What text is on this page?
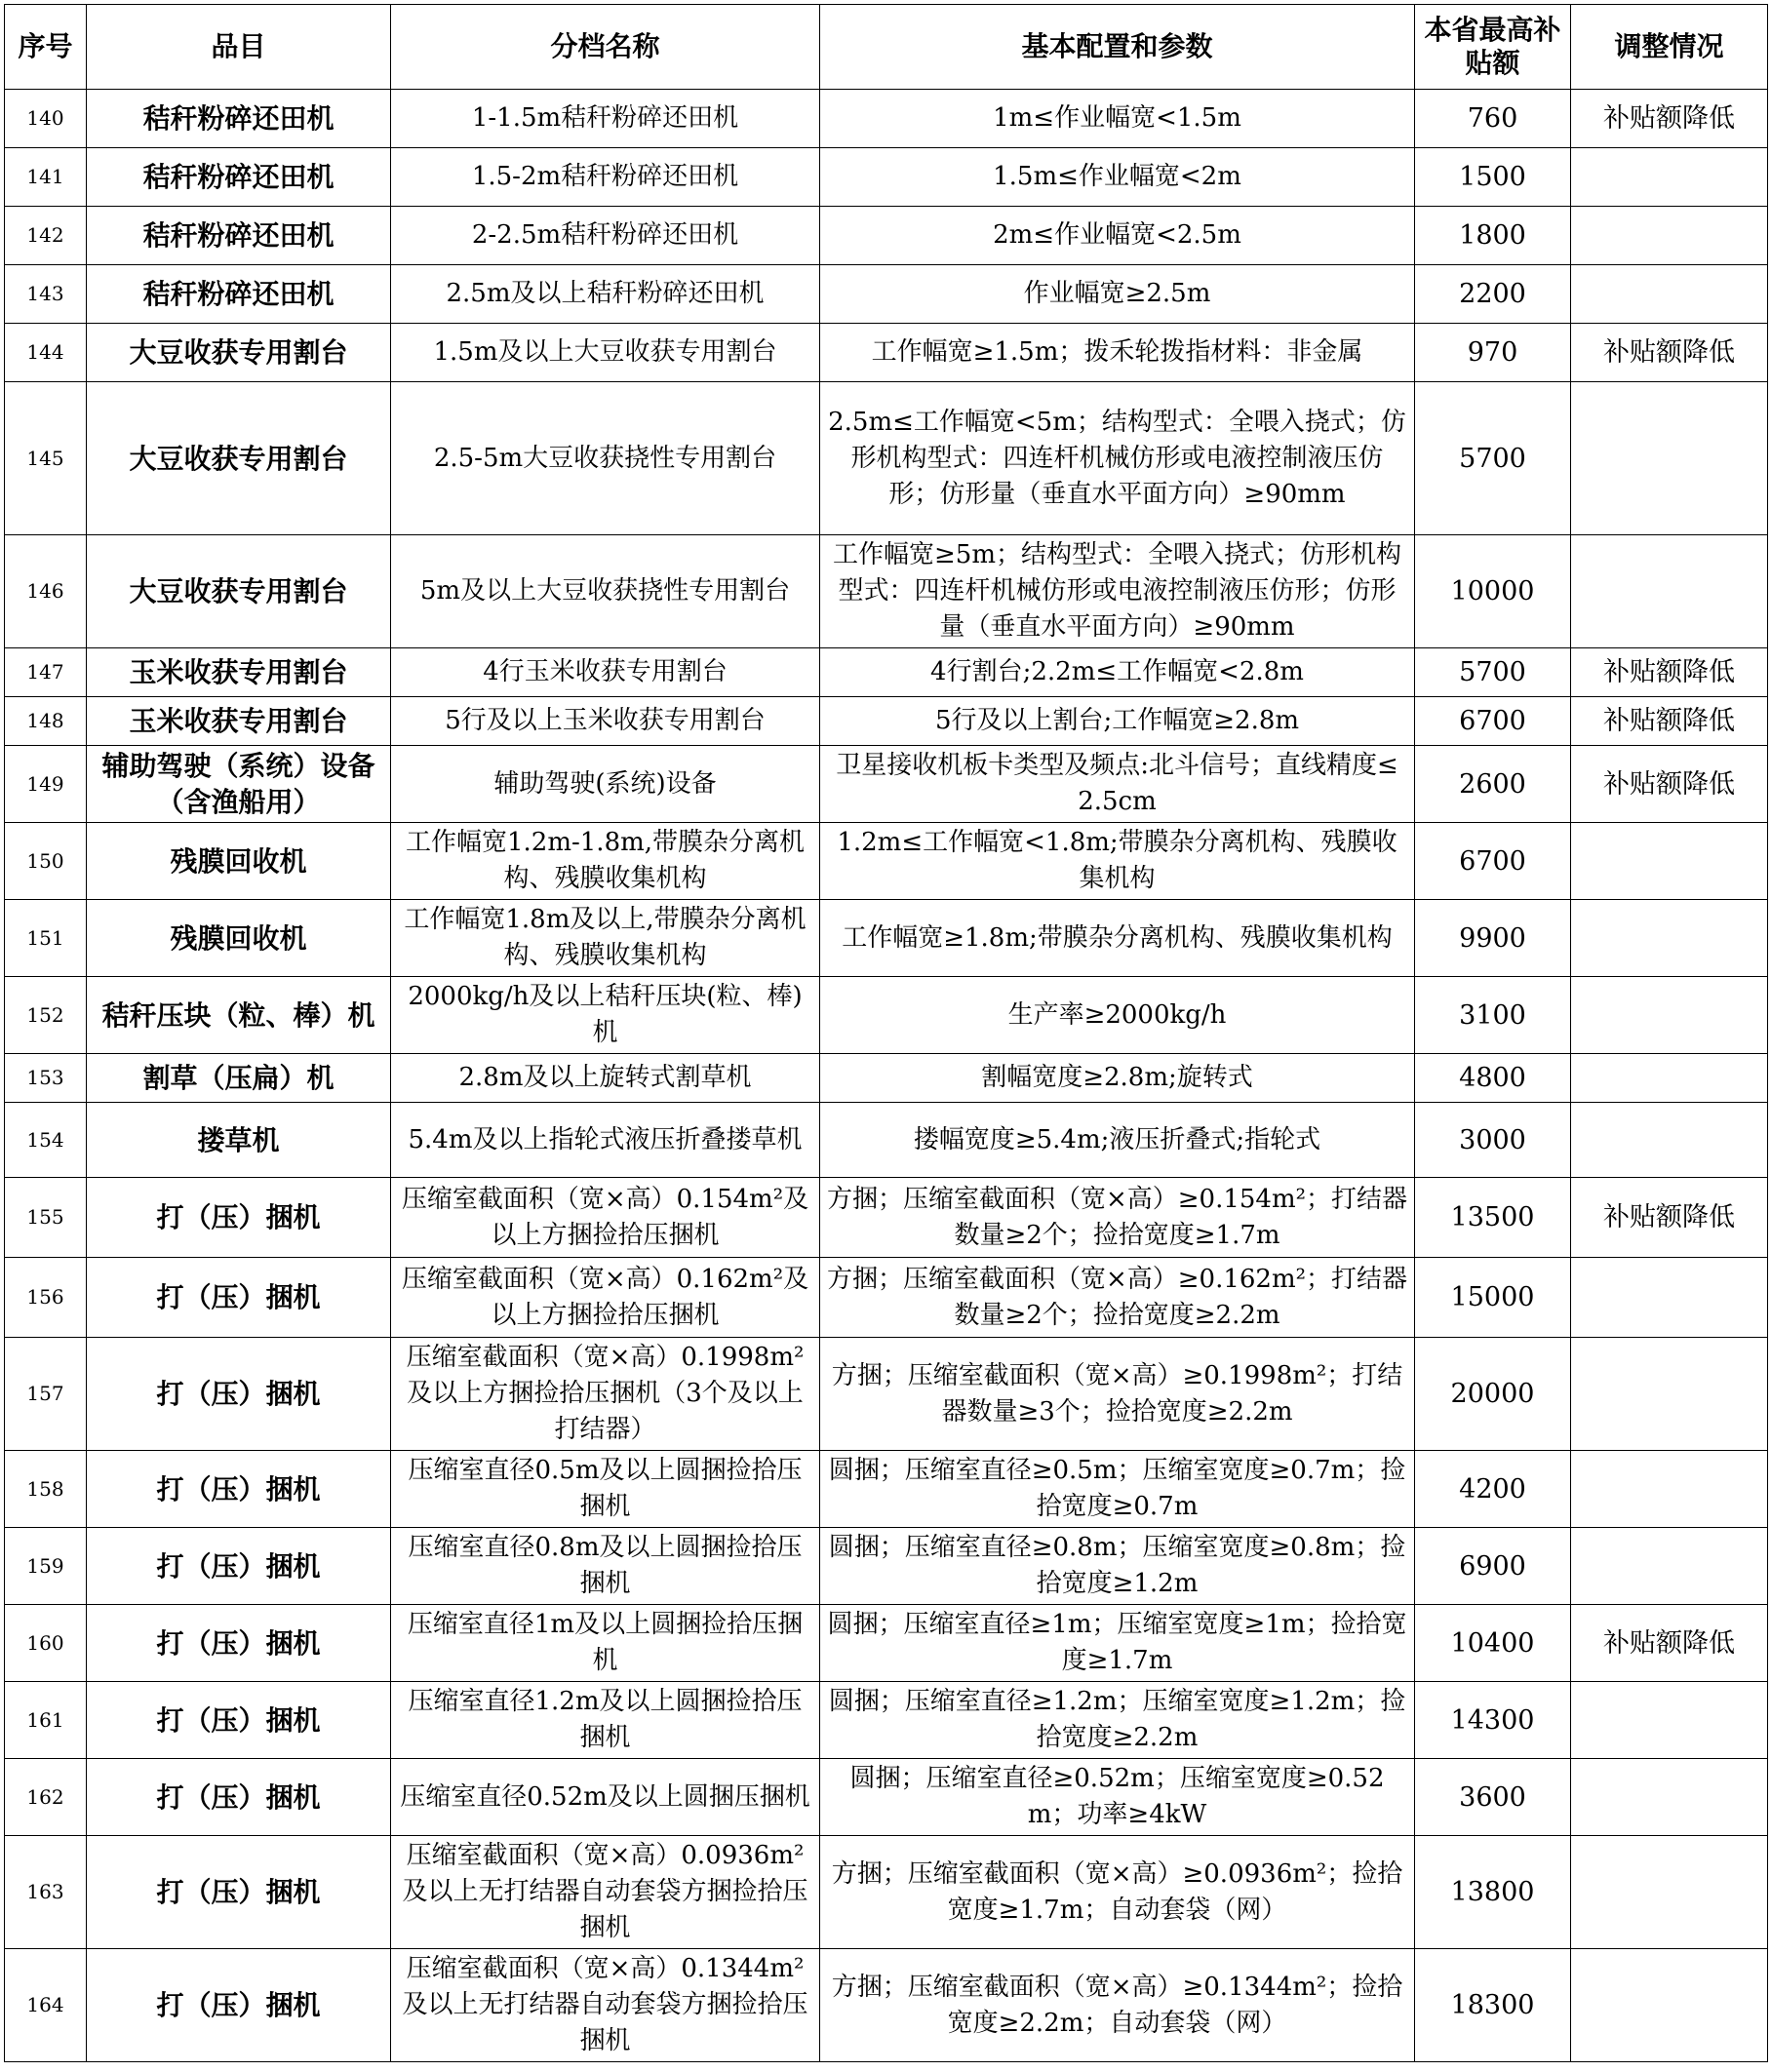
序号	品目	分档名称	基本配置和参数	本省最高补贴额	调整情况
140	秸秆粉碎还田机	1-1.5m秸秆粉碎还田机	1m≤作业幅宽<1.5m	760	补贴额降低
141	秸秆粉碎还田机	1.5-2m秸秆粉碎还田机	1.5m≤作业幅宽<2m	1500	
142	秸秆粉碎还田机	2-2.5m秸秆粉碎还田机	2m≤作业幅宽<2.5m	1800	
143	秸秆粉碎还田机	2.5m及以上秸秆粉碎还田机	作业幅宽≥2.5m	2200	
144	大豆收获专用割台	1.5m及以上大豆收获专用割台	工作幅宽≥1.5m；拨禾轮拨指材料：非金属	970	补贴额降低
145	大豆收获专用割台	2.5-5m大豆收获挠性专用割台	2.5m≤工作幅宽<5m；结构型式：全喂入挠式；仿形机构型式：四连杆机械仿形或电液控制液压仿形；仿形量（垂直水平面方向）≥90mm	5700	
146	大豆收获专用割台	5m及以上大豆收获挠性专用割台	工作幅宽≥5m；结构型式：全喂入挠式；仿形机构型式：四连杆机械仿形或电液控制液压仿形；仿形量（垂直水平面方向）≥90mm	10000	
147	玉米收获专用割台	4行玉米收获专用割台	4行割台;2.2m≤工作幅宽<2.8m	5700	补贴额降低
148	玉米收获专用割台	5行及以上玉米收获专用割台	5行及以上割台;工作幅宽≥2.8m	6700	补贴额降低
149	辅助驾驶（系统）设备（含渔船用）	辅助驾驶(系统)设备	卫星接收机板卡类型及频点:北斗信号；直线精度≤2.5cm	2600	补贴额降低
150	残膜回收机	工作幅宽1.2m-1.8m,带膜杂分离机构、残膜收集机构	1.2m≤工作幅宽<1.8m;带膜杂分离机构、残膜收集机构	6700	
151	残膜回收机	工作幅宽1.8m及以上,带膜杂分离机构、残膜收集机构	工作幅宽≥1.8m;带膜杂分离机构、残膜收集机构	9900	
152	秸秆压块（粒、棒）机	2000kg/h及以上秸秆压块(粒、棒)机	生产率≥2000kg/h	3100	
153	割草（压扁）机	2.8m及以上旋转式割草机	割幅宽度≥2.8m;旋转式	4800	
154	搂草机	5.4m及以上指轮式液压折叠搂草机	搂幅宽度≥5.4m;液压折叠式;指轮式	3000	
155	打（压）捆机	压缩室截面积（宽×高）0.154m²及以上方捆捡拾压捆机	方捆；压缩室截面积（宽×高）≥0.154m²；打结器数量≥2个；捡拾宽度≥1.7m	13500	补贴额降低
156	打（压）捆机	压缩室截面积（宽×高）0.162m²及以上方捆捡拾压捆机	方捆；压缩室截面积（宽×高）≥0.162m²；打结器数量≥2个；捡拾宽度≥2.2m	15000	
157	打（压）捆机	压缩室截面积（宽×高）0.1998m²及以上方捆捡拾压捆机（3个及以上打结器）	方捆；压缩室截面积（宽×高）≥0.1998m²；打结器数量≥3个；捡拾宽度≥2.2m	20000	
158	打（压）捆机	压缩室直径0.5m及以上圆捆捡拾压捆机	圆捆；压缩室直径≥0.5m；压缩室宽度≥0.7m；捡拾宽度≥0.7m	4200	
159	打（压）捆机	压缩室直径0.8m及以上圆捆捡拾压捆机	圆捆；压缩室直径≥0.8m；压缩室宽度≥0.8m；捡拾宽度≥1.2m	6900	
160	打（压）捆机	压缩室直径1m及以上圆捆捡拾压捆机	圆捆；压缩室直径≥1m；压缩室宽度≥1m；捡拾宽度≥1.7m	10400	补贴额降低
161	打（压）捆机	压缩室直径1.2m及以上圆捆捡拾压捆机	圆捆；压缩室直径≥1.2m；压缩室宽度≥1.2m；捡拾宽度≥2.2m	14300	
162	打（压）捆机	压缩室直径0.52m及以上圆捆压捆机	圆捆；压缩室直径≥0.52m；压缩室宽度≥0.52m；功率≥4kW	3600	
163	打（压）捆机	压缩室截面积（宽×高）0.0936m²及以上无打结器自动套袋方捆捡拾压捆机	方捆；压缩室截面积（宽×高）≥0.0936m²；捡拾宽度≥1.7m；自动套袋（网）	13800	
164	打（压）捆机	压缩室截面积（宽×高）0.1344m²及以上无打结器自动套袋方捆捡拾压捆机	方捆；压缩室截面积（宽×高）≥0.1344m²；捡拾宽度≥2.2m；自动套袋（网）	18300	
